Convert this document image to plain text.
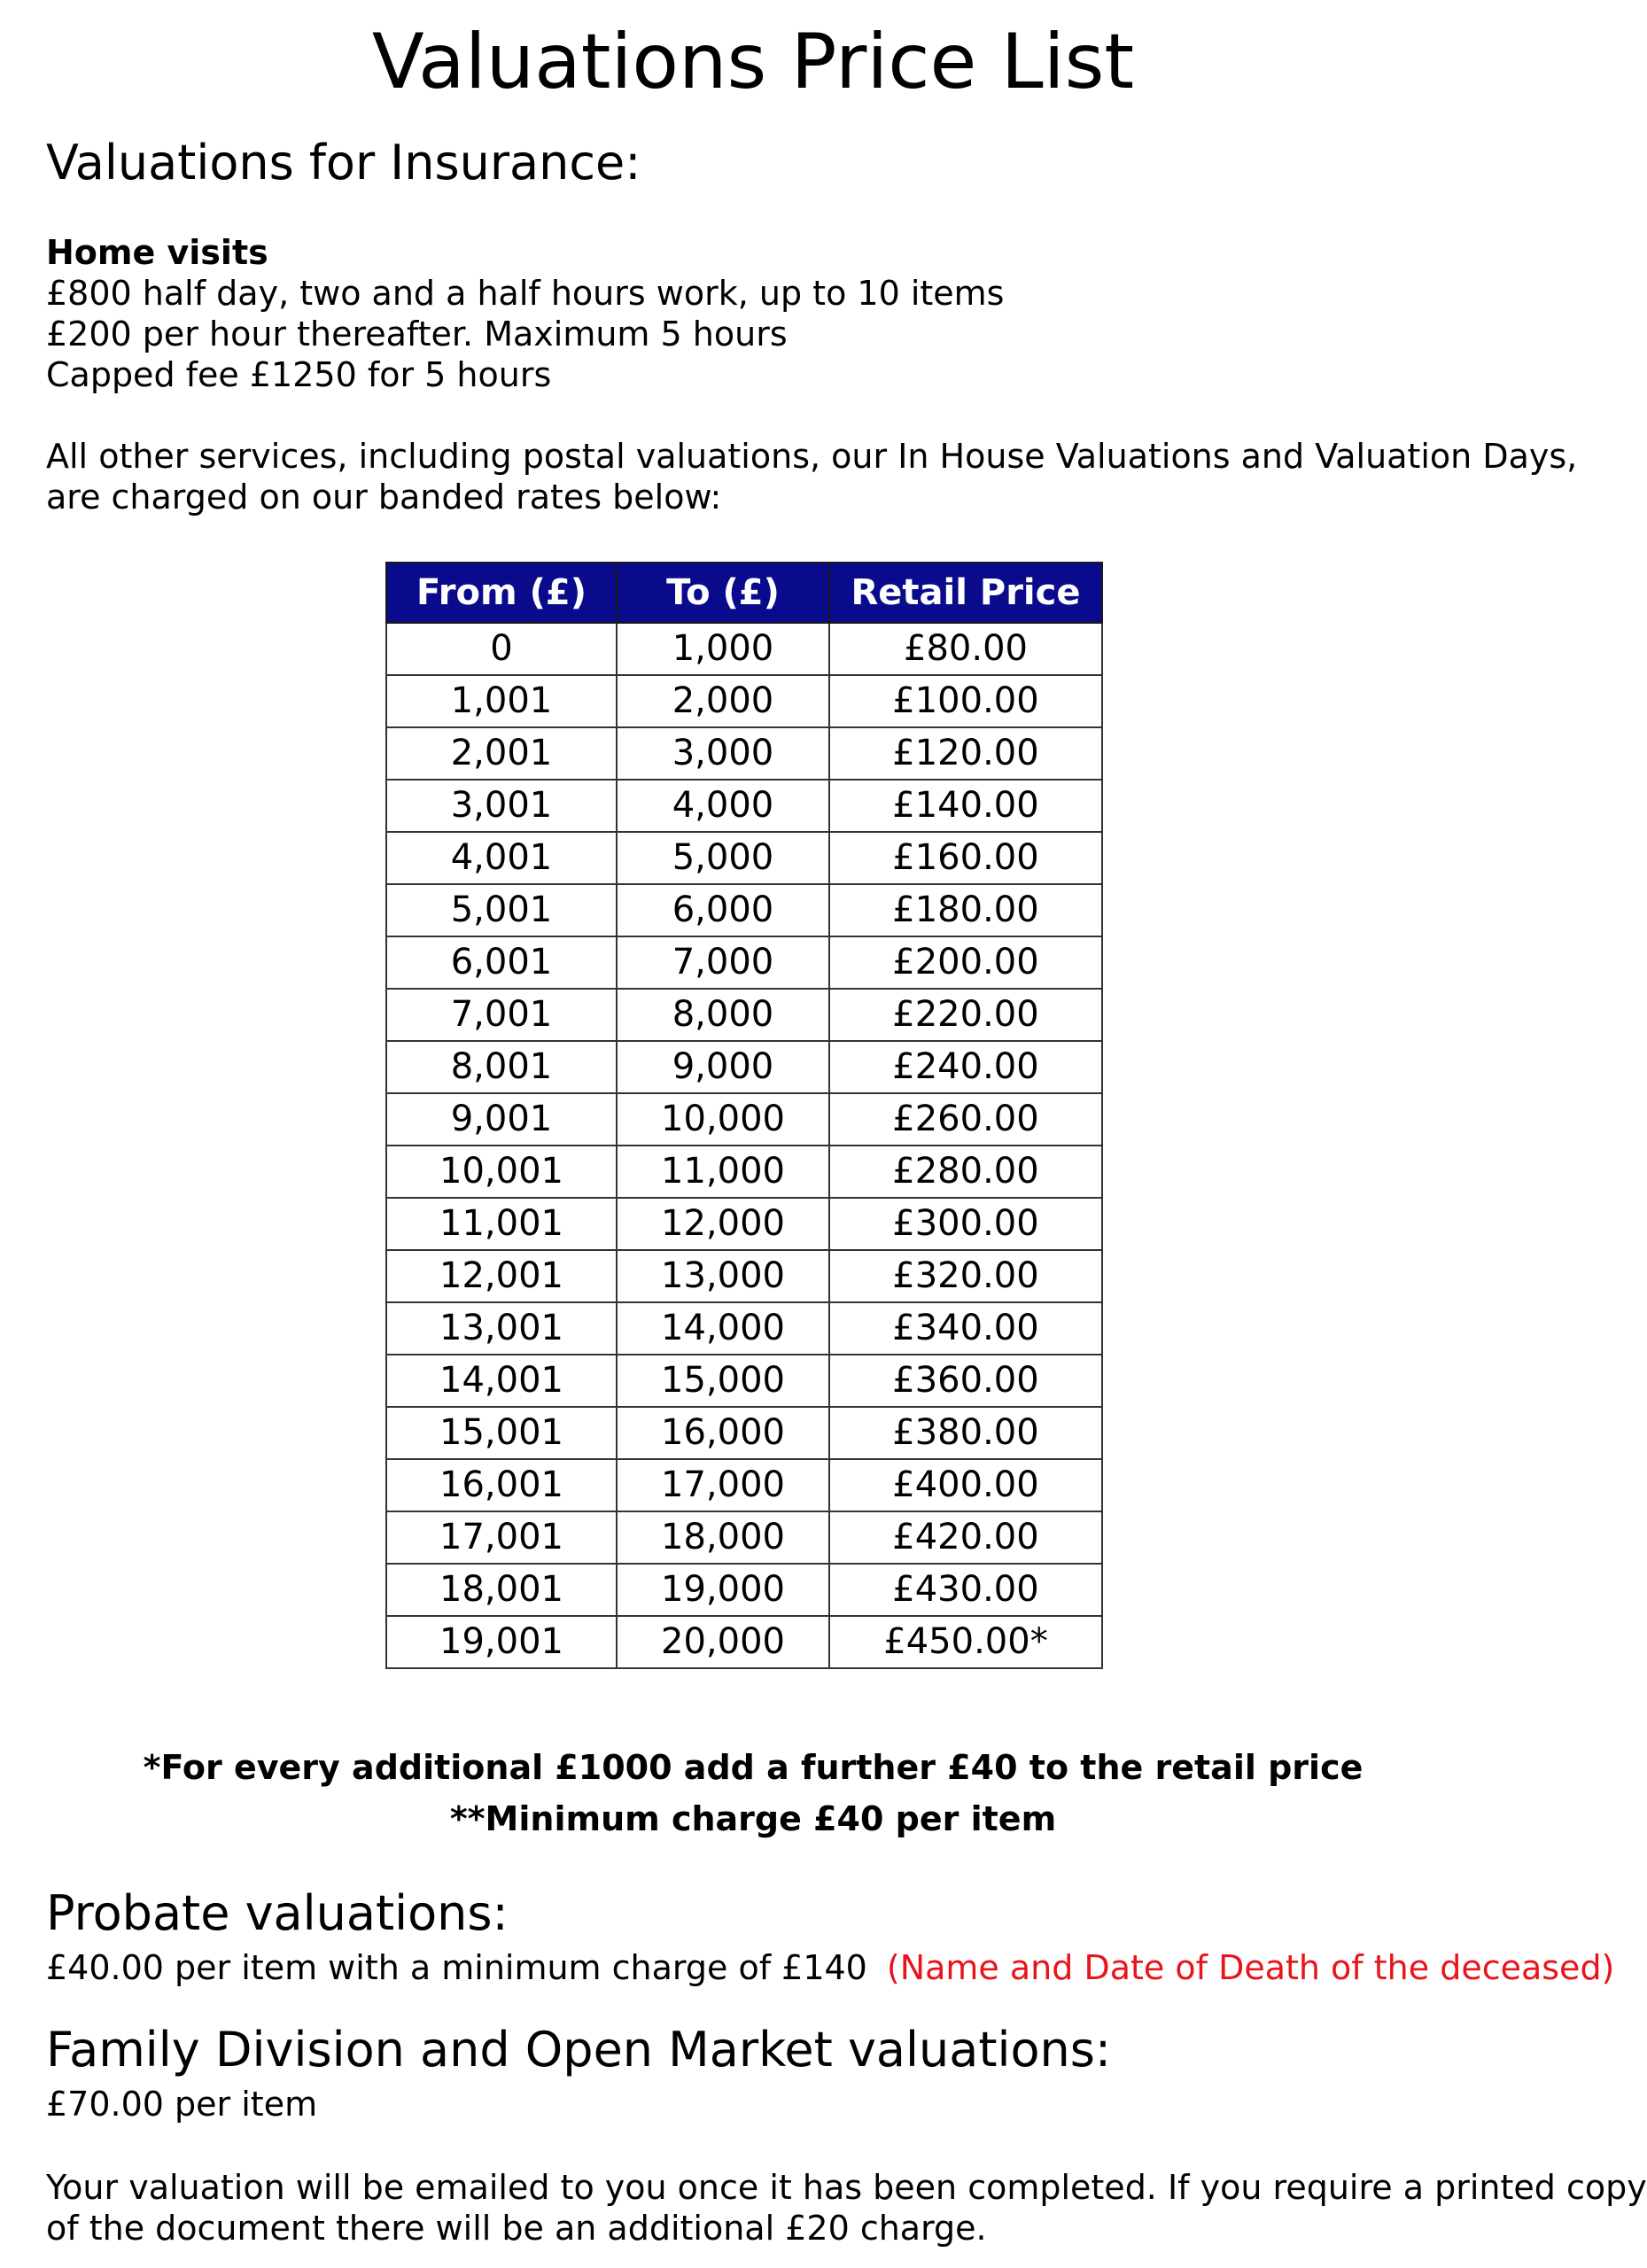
Valuations Price List
Valuations for Insurance:
Home visits
£800 half day, two and a half hours work, up to 10 items
£200 per hour thereafter. Maximum 5 hours
Capped fee £1250 for 5 hours
All other services, including postal valuations, our In House Valuations and Valuation Days,
are charged on our banded rates below:
From (£)	To (£)	Retail Price
0	1,000	£80.00
1,001	2,000	£100.00
2,001	3,000	£120.00
3,001	4,000	£140.00
4,001	5,000	£160.00
5,001	6,000	£180.00
6,001	7,000	£200.00
7,001	8,000	£220.00
8,001	9,000	£240.00
9,001	10,000	£260.00
10,001	11,000	£280.00
11,001	12,000	£300.00
12,001	13,000	£320.00
13,001	14,000	£340.00
14,001	15,000	£360.00
15,001	16,000	£380.00
16,001	17,000	£400.00
17,001	18,000	£420.00
18,001	19,000	£430.00
19,001	20,000	£450.00*
*For every additional £1000 add a further £40 to the retail price
**Minimum charge £40 per item
Probate valuations:
£40.00 per item with a minimum charge of £140 (Name and Date of Death of the deceased)
Family Division and Open Market valuations:
£70.00 per item
Your valuation will be emailed to you once it has been completed. If you require a printed copy
of the document there will be an additional £20 charge.
